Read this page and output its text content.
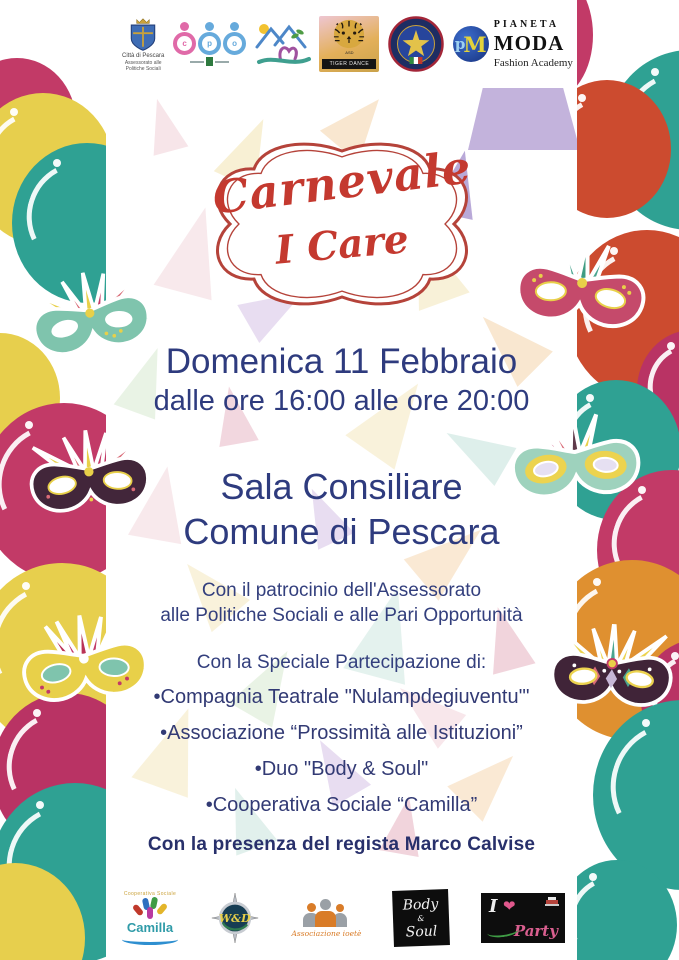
Città di Pescara
Assessorato alle
Politiche Sociali
c	p	o
ASD
TIGER DANCE
p
M
PIANETA
MODA
Fashion Academy
Carnevale
I Care
Domenica 11 Febbraio
dalle ore 16:00 alle ore 20:00
Sala Consiliare
Comune di Pescara
Con il patrocinio dell'Assessorato
alle Politiche Sociali e alle Pari Opportunità
Con la Speciale Partecipazione di:
•Compagnia Teatrale "Nulampdegiuventu'"
•Associazione “Prossimità alle Istituzioni”
•Duo "Body & Soul"
•Cooperativa Sociale “Camilla”
Con la presenza del regista Marco Calvise
Cooperativa Sociale
Camilla
W&D
Associazione ioetè
Body
&
Soul
I ❤
Party
